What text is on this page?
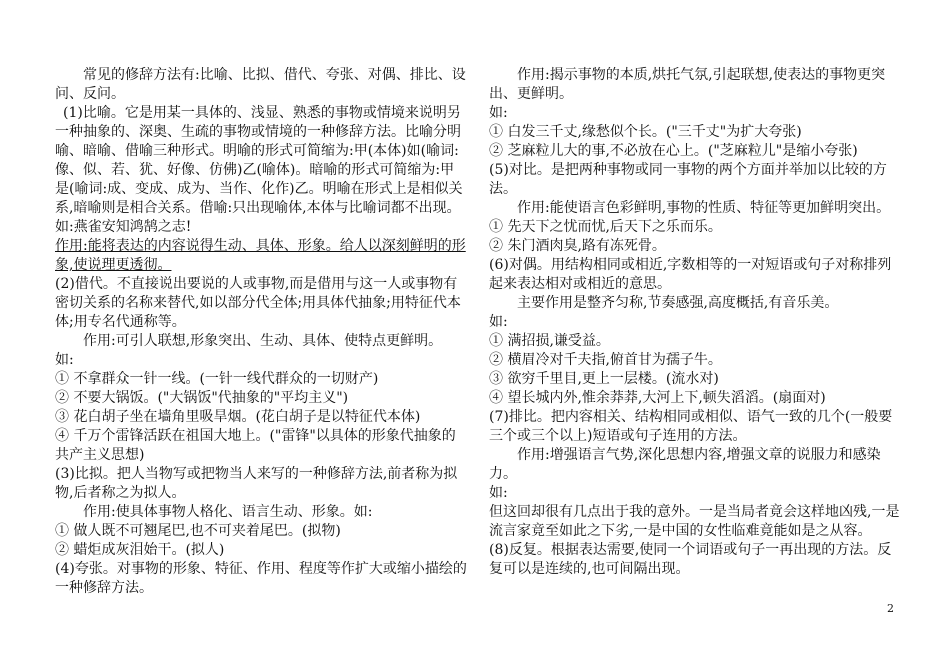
常见的修辞方法有:比喻、比拟、借代、夸张、对偶、排比、设问、反问。

(1)比喻。它是用某一具体的、浅显、熟悉的事物或情境来说明另一种抽象的、深奥、生疏的事物或情境的一种修辞方法。比喻分明喻、暗喻、借喻三种形式。明喻的形式可简缩为:甲(本体)如(喻词:像、似、若、犹、好像、仿佛)乙(喻体)。暗喻的形式可简缩为:甲是(喻词:成、变成、成为、当作、化作)乙。明喻在形式上是相似关系,暗喻则是相合关系。借喻:只出现喻体,本体与比喻词都不出现。如:燕雀安知鸿鹄之志!

作用:能将表达的内容说得生动、具体、形象。给人以深刻鲜明的形象,使说理更透彻。

(2)借代。不直接说出要说的人或事物,而是借用与这一人或事物有密切关系的名称来替代,如以部分代全体;用具体代抽象;用特征代本体;用专名代通称等。

作用:可引人联想,形象突出、生动、具体、使特点更鲜明。

如:

① 不拿群众一针一线。(一针一线代群众的一切财产)

② 不要大锅饭。("大锅饭"代抽象的"平均主义")

③ 花白胡子坐在墙角里吸旱烟。(花白胡子是以特征代本体)

④ 千万个雷锋活跃在祖国大地上。("雷锋"以具体的形象代抽象的共产主义思想)

(3)比拟。把人当物写或把物当人来写的一种修辞方法,前者称为拟物,后者称之为拟人。

作用:使具体事物人格化、语言生动、形象。如:

① 做人既不可翘尾巴,也不可夹着尾巴。(拟物)

② 蜡炬成灰泪始干。(拟人)

(4)夸张。对事物的形象、特征、作用、程度等作扩大或缩小描绘的一种修辞方法。

作用:揭示事物的本质,烘托气氛,引起联想,使表达的事物更突出、更鲜明。

如:

① 白发三千丈,缘愁似个长。("三千丈"为扩大夸张)

② 芝麻粒儿大的事,不必放在心上。("芝麻粒儿"是缩小夸张)

(5)对比。是把两种事物或同一事物的两个方面并举加以比较的方法。

作用:能使语言色彩鲜明,事物的性质、特征等更加鲜明突出。

① 先天下之忧而忧,后天下之乐而乐。

② 朱门酒肉臭,路有冻死骨。

(6)对偶。用结构相同或相近,字数相等的一对短语或句子对称排列起来表达相对或相近的意思。

主要作用是整齐匀称,节奏感强,高度概括,有音乐美。

如:

① 满招损,谦受益。

② 横眉冷对千夫指,俯首甘为孺子牛。

③ 欲穷千里目,更上一层楼。(流水对)

④ 望长城内外,惟余莽莽,大河上下,顿失滔滔。(扇面对)

(7)排比。把内容相关、结构相同或相似、语气一致的几个(一般要三个或三个以上)短语或句子连用的方法。

作用:增强语言气势,深化思想内容,增强文章的说服力和感染力。

如:

但这回却很有几点出于我的意外。一是当局者竟会这样地凶残,一是流言家竟至如此之下劣,一是中国的女性临难竟能如是之从容。

(8)反复。根据表达需要,使同一个词语或句子一再出现的方法。反复可以是连续的,也可间隔出现。

2
